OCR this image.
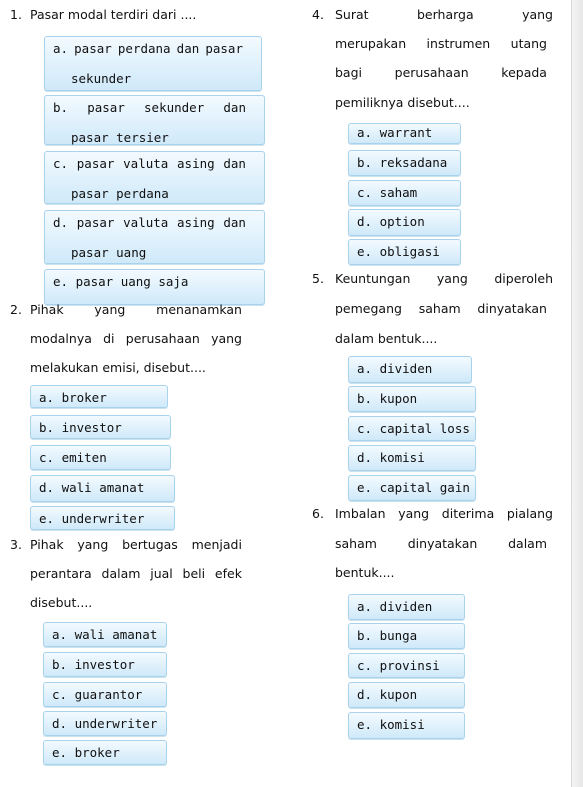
1. Pasar modal terdiri dari ....
a. pasar perdana dan pasar
sekunder
b. pasar sekunder dan
pasar tersier
c. pasar valuta asing dan
pasar perdana
d. pasar valuta asing dan
pasar uang
e. pasar uang saja
2. Pihak yang menanamkan
modalnya di perusahaan yang
melakukan emisi, disebut....
a. broker
b. investor
c. emiten
d. wali amanat
e. underwriter
3. Pihak yang bertugas menjadi
perantara dalam jual beli efek
disebut....
a. wali amanat
b. investor
c. guarantor
d. underwriter
e. broker
4. Surat	berharga	yang
merupakan instrumen utang
bagi	perusahaan	kepada
pemiliknya disebut....
a. warrant
b. reksadana
c. saham
d. option
e. obligasi
5. Keuntungan yang diperoleh
pemegang saham dinyatakan
dalam bentuk....
a. dividen
b. kupon
c. capital loss
d. komisi
e. capital gain
6. Imbalan yang diterima pialang
saham dinyatakan dalam
bentuk....
a. dividen
b. bunga
c. provinsi
d. kupon
e. komisi
